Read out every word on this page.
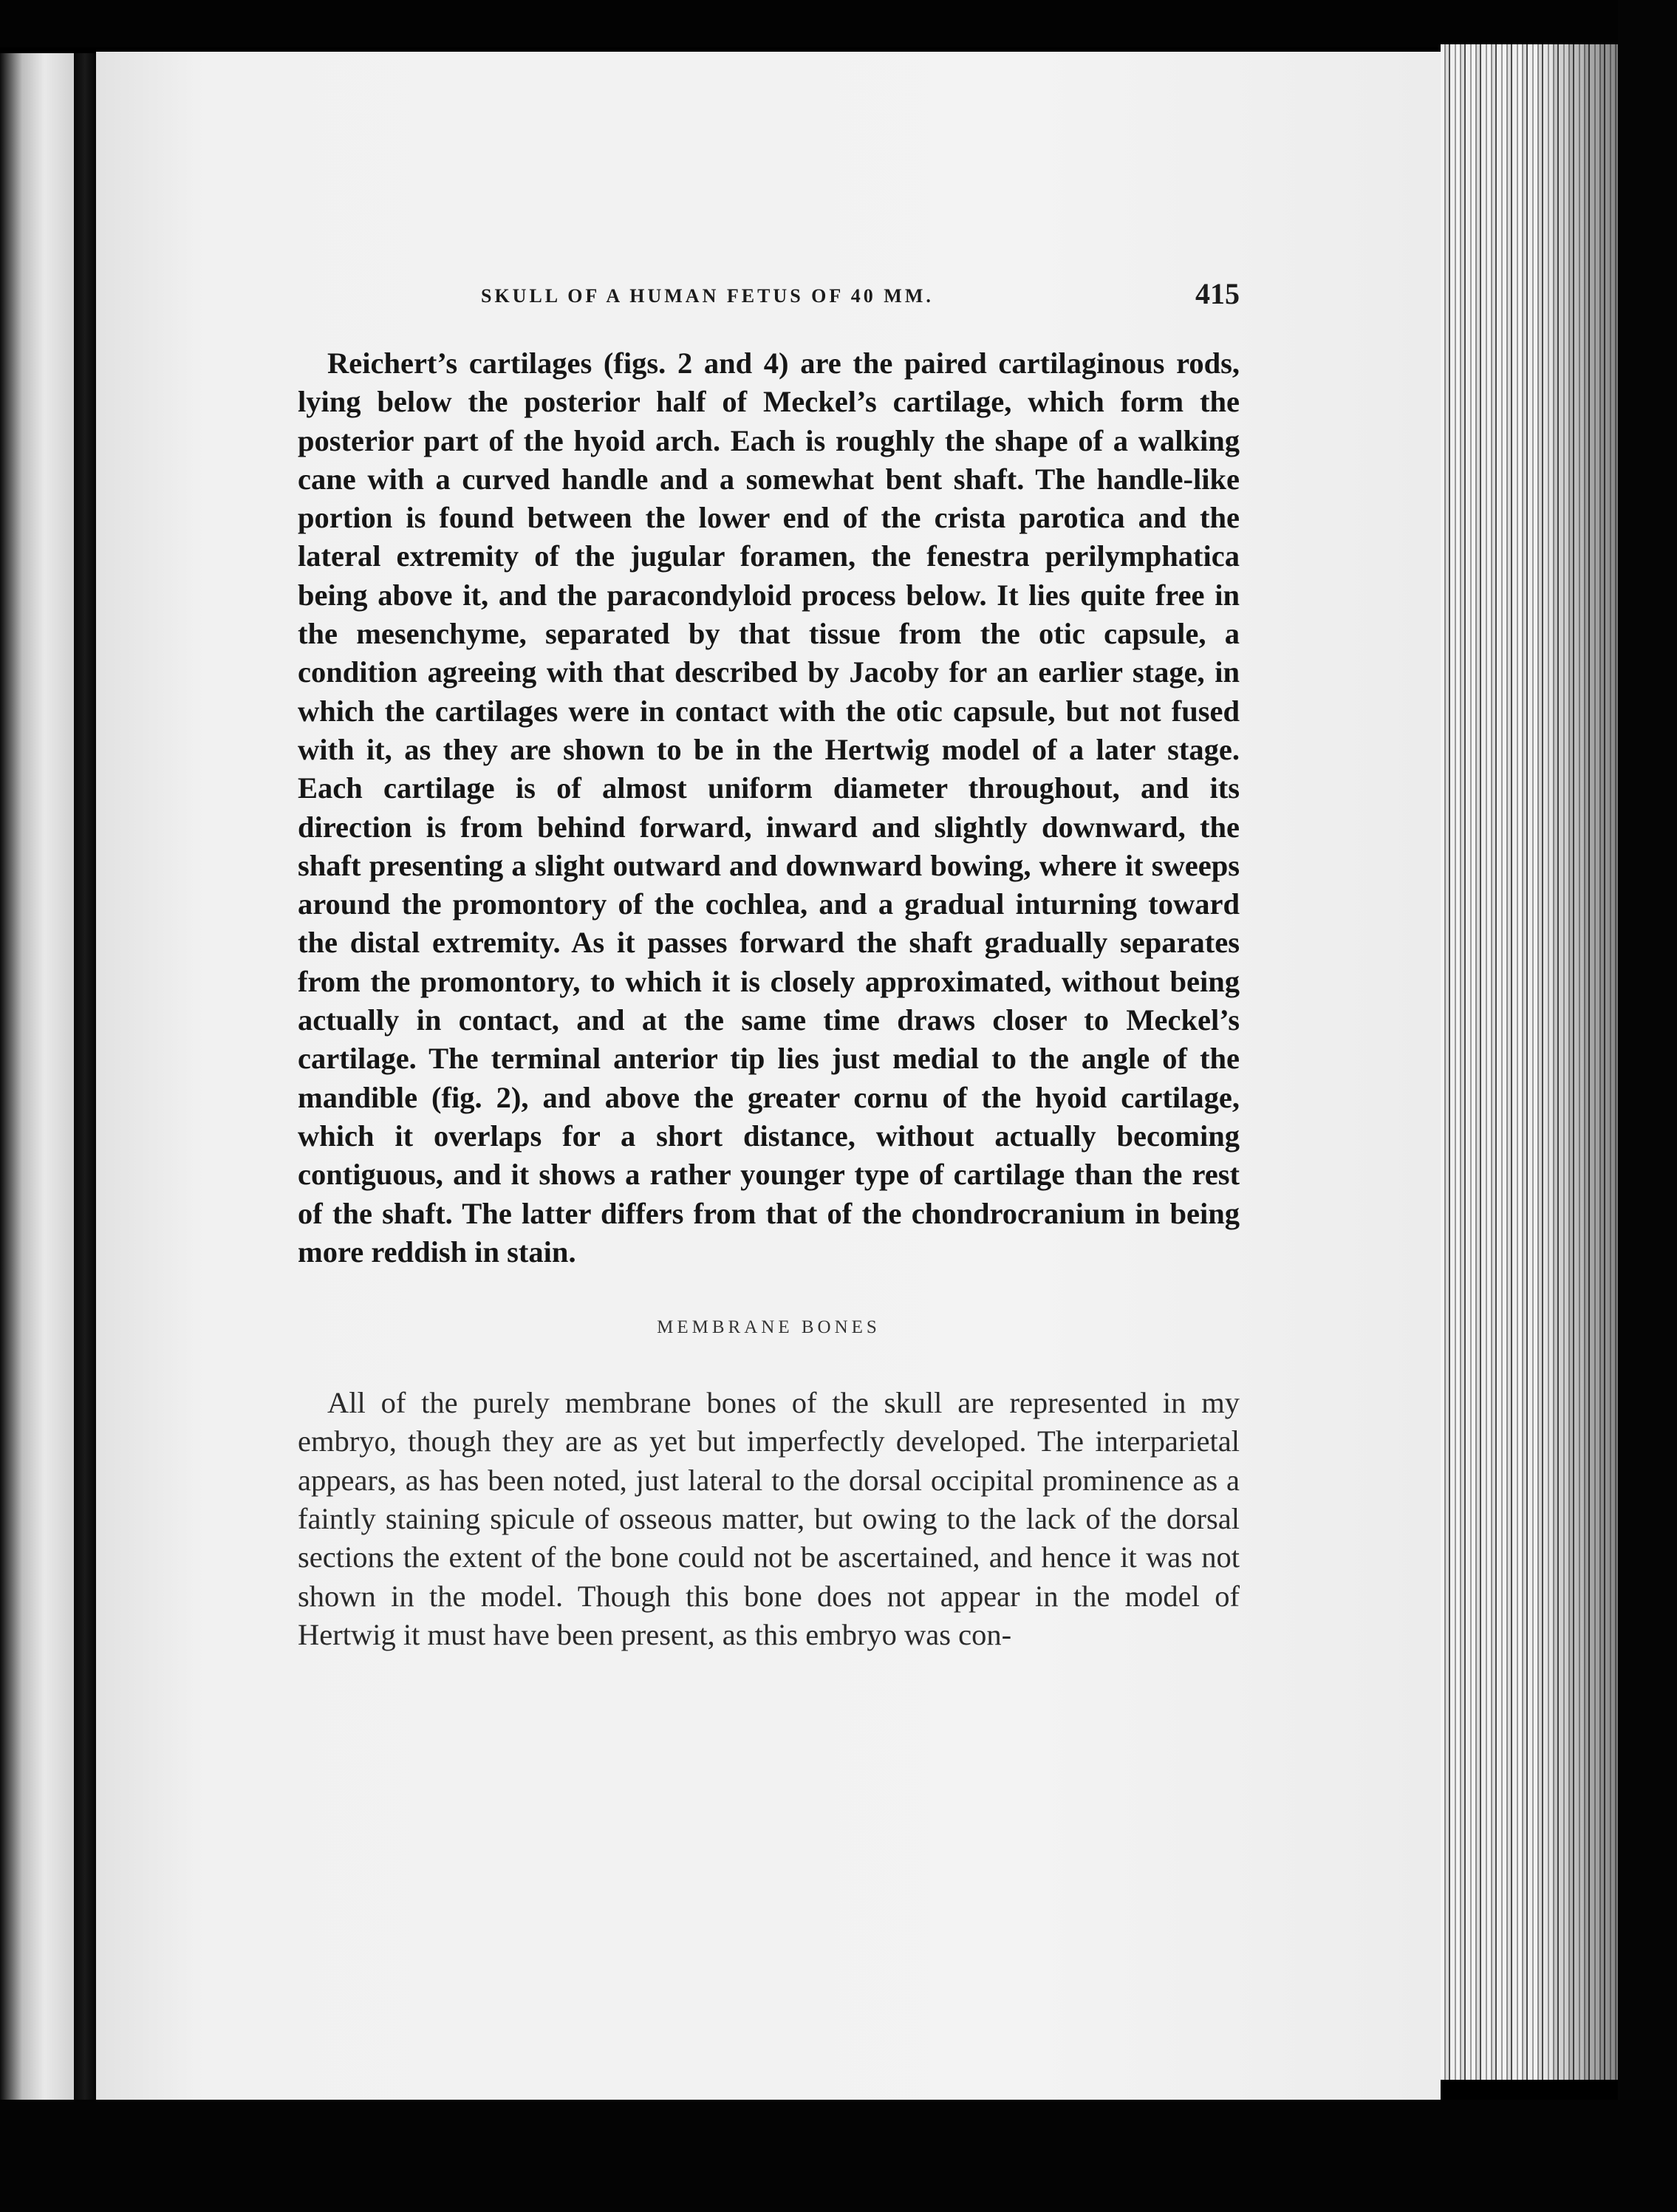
SKULL OF A HUMAN FETUS OF 40 MM.	415

Reichert’s cartilages (figs. 2 and 4) are the paired cartilaginous rods, lying below the posterior half of Meckel’s cartilage, which form the posterior part of the hyoid arch. Each is roughly the shape of a walking cane with a curved handle and a somewhat bent shaft. The handle-like portion is found between the lower end of the crista parotica and the lateral extremity of the jugular foramen, the fenestra perilymphatica being above it, and the paracondyloid process below. It lies quite free in the mesenchyme, separated by that tissue from the otic capsule, a condition agreeing with that described by Jacoby for an earlier stage, in which the cartilages were in contact with the otic capsule, but not fused with it, as they are shown to be in the Hertwig model of a later stage. Each cartilage is of almost uniform diameter throughout, and its direction is from behind forward, inward and slightly downward, the shaft presenting a slight outward and downward bowing, where it sweeps around the promontory of the cochlea, and a gradual inturning toward the distal extremity. As it passes forward the shaft gradually separates from the promontory, to which it is closely approximated, without being actually in contact, and at the same time draws closer to Meckel’s cartilage. The terminal anterior tip lies just medial to the angle of the mandible (fig. 2), and above the greater cornu of the hyoid cartilage, which it overlaps for a short distance, without actually becoming contiguous, and it shows a rather younger type of cartilage than the rest of the shaft. The latter differs from that of the chondrocranium in being more reddish in stain.

MEMBRANE BONES

All of the purely membrane bones of the skull are represented in my embryo, though they are as yet but imperfectly developed. The interparietal appears, as has been noted, just lateral to the dorsal occipital prominence as a faintly staining spicule of osseous matter, but owing to the lack of the dorsal sections the extent of the bone could not be ascertained, and hence it was not shown in the model. Though this bone does not appear in the model of Hertwig it must have been present, as this embryo was con-
